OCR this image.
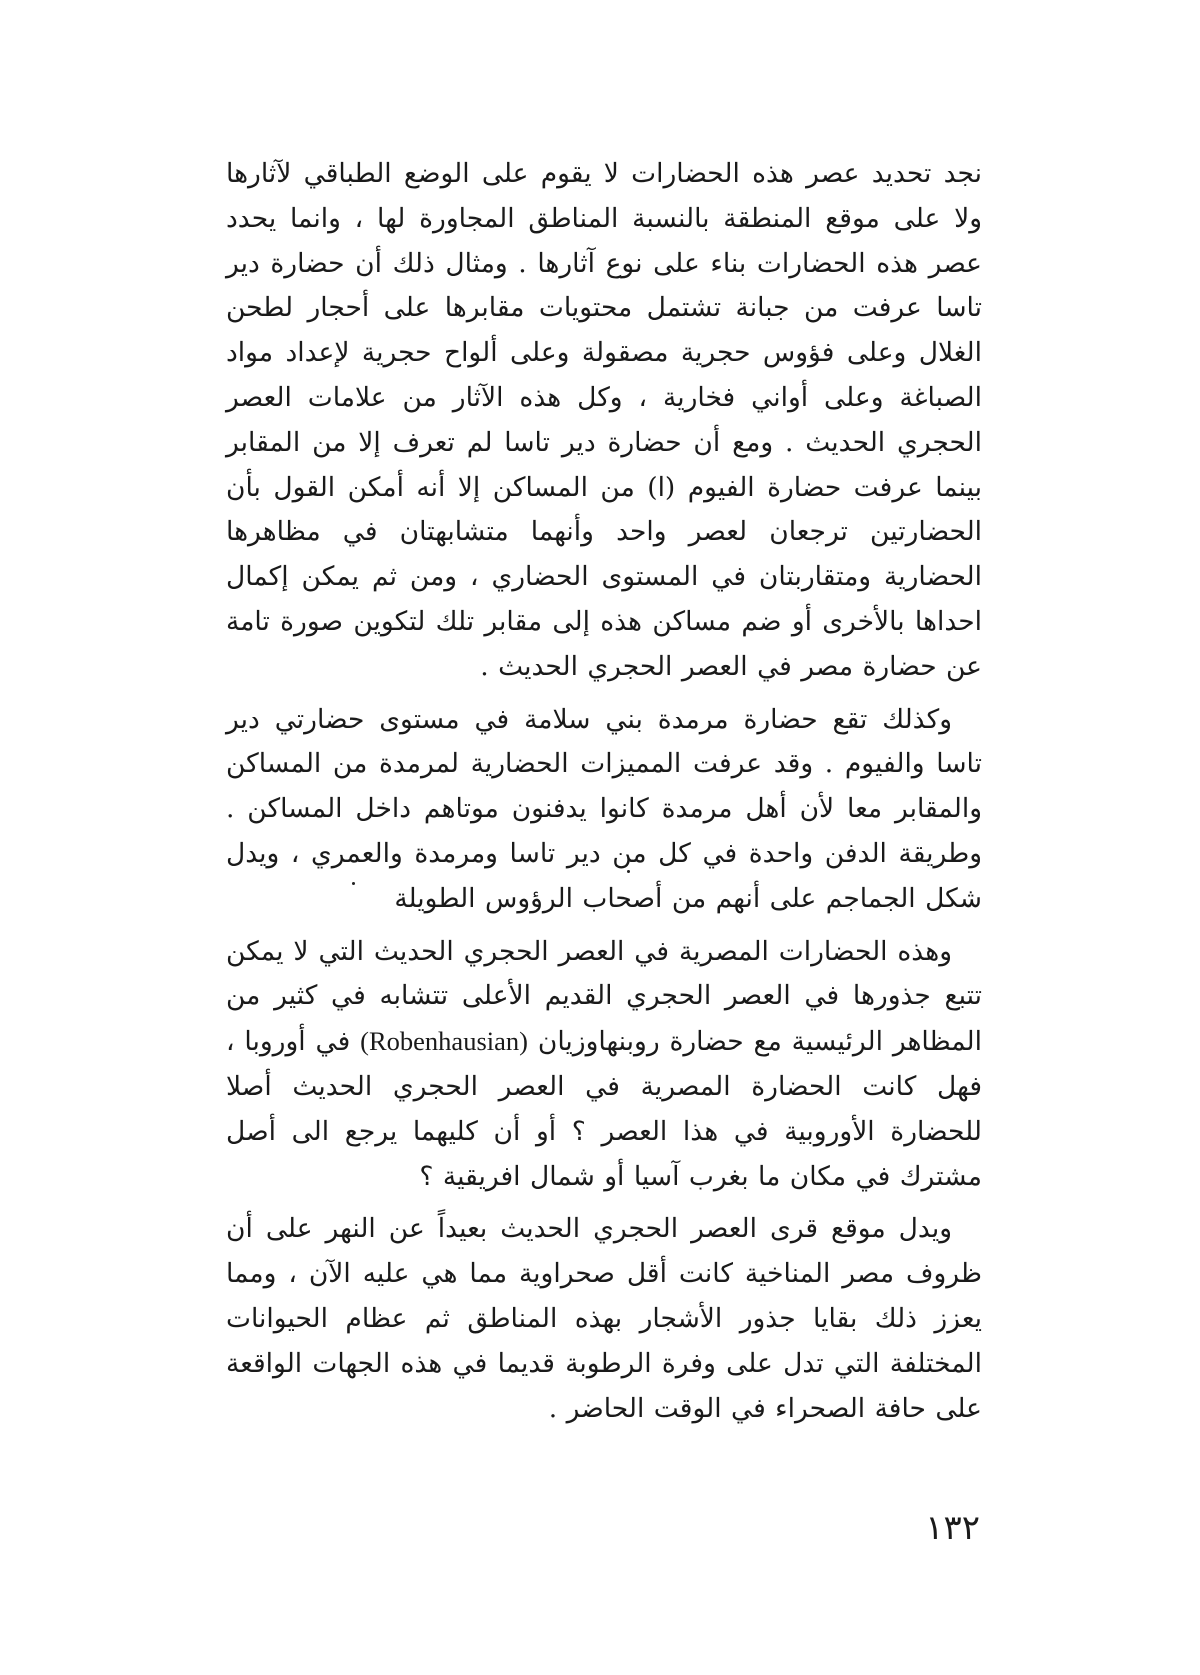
نجد تحديد عصر هذه الحضارات لا يقوم على الوضع الطباقي لآثارها ولا على موقع المنطقة بالنسبة المناطق المجاورة لها ، وانما يحدد عصر هذه الحضارات بناء على نوع آثارها . ومثال ذلك أن حضارة دير تاسا عرفت من جبانة تشتمل محتويات مقابرها على أحجار لطحن الغلال وعلى فؤوس حجرية مصقولة وعلى ألواح حجرية لإعداد مواد الصباغة وعلى أواني فخارية ، وكل هذه الآثار من علامات العصر الحجري الحديث . ومع أن حضارة دير تاسا لم تعرف إلا من المقابر بينما عرفت حضارة الفيوم (ا) من المساكن إلا أنه أمكن القول بأن الحضارتين ترجعان لعصر واحد وأنهما متشابهتان في مظاهرها الحضارية ومتقاربتان في المستوى الحضاري ، ومن ثم يمكن إكمال احداها بالأخرى أو ضم مساكن هذه إلى مقابر تلك لتكوين صورة تامة عن حضارة مصر في العصر الحجري الحديث .

وكذلك تقع حضارة مرمدة بني سلامة في مستوى حضارتي دير تاسا والفيوم . وقد عرفت المميزات الحضارية لمرمدة من المساكن والمقابر معا لأن أهل مرمدة كانوا يدفنون موتاهم داخل المساكن . وطريقة الدفن واحدة في كل من دير تاسا ومرمدة والعمري ، ويدل شكل الجماجم على أنهم من أصحاب الرؤوس الطويلة

وهذه الحضارات المصرية في العصر الحجري الحديث التي لا يمكن تتبع جذورها في العصر الحجري القديم الأعلى تتشابه في كثير من المظاهر الرئيسية مع حضارة روبنهاوزيان (Robenhausian) في أوروبا ، فهل كانت الحضارة المصرية في العصر الحجري الحديث أصلا للحضارة الأوروبية في هذا العصر ؟ أو أن كليهما يرجع الى أصل مشترك في مكان ما بغرب آسيا أو شمال افريقية ؟

ويدل موقع قرى العصر الحجري الحديث بعيداً عن النهر على أن ظروف مصر المناخية كانت أقل صحراوية مما هي عليه الآن ، ومما يعزز ذلك بقايا جذور الأشجار بهذه المناطق ثم عظام الحيوانات المختلفة التي تدل على وفرة الرطوبة قديما في هذه الجهات الواقعة على حافة الصحراء في الوقت الحاضر .

١٣٢
